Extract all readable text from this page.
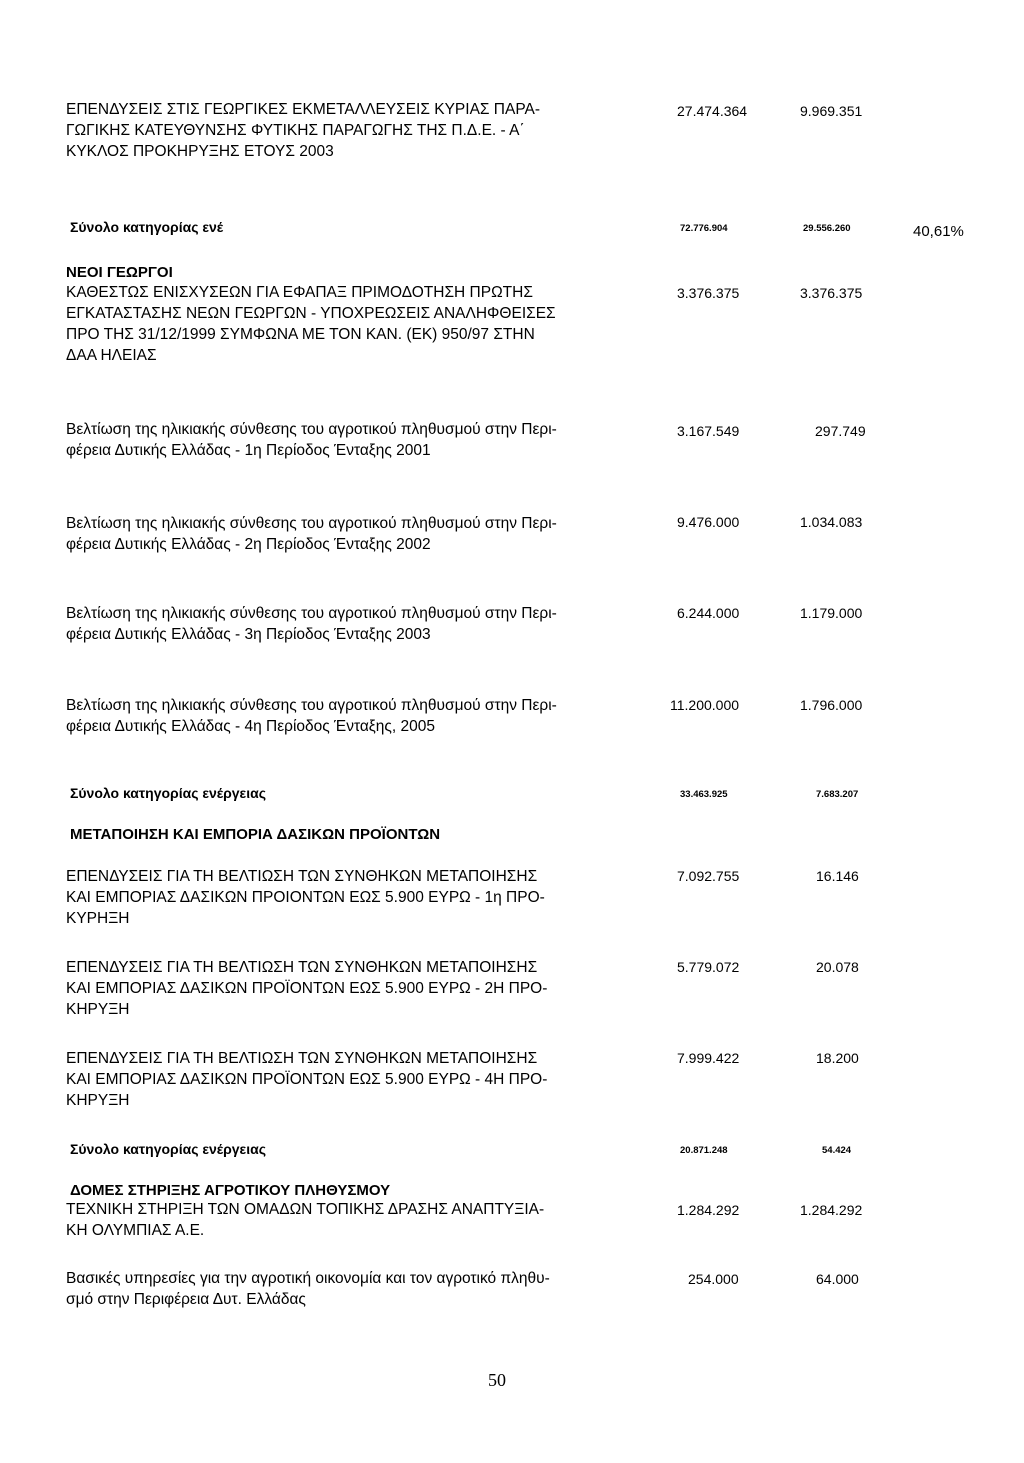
ΕΠΕΝΔΥΣΕΙΣ ΣΤΙΣ ΓΕΩΡΓΙΚΕΣ ΕΚΜΕΤΑΛΛΕΥΣΕΙΣ ΚΥΡΙΑΣ ΠΑΡΑ-
ΓΩΓΙΚΗΣ ΚΑΤΕΥΘΥΝΣΗΣ ΦΥΤΙΚΗΣ ΠΑΡΑΓΩΓΗΣ ΤΗΣ Π.Δ.Ε. - Α΄
ΚΥΚΛΟΣ ΠΡΟΚΗΡΥΞΗΣ ΕΤΟΥΣ 2003
27.474.364	9.969.351
Σύνολο κατηγορίας ενέ	72.776.904	29.556.260	40,61%
ΝΕΟΙ ΓΕΩΡΓΟΙ
ΚΑΘΕΣΤΩΣ ΕΝΙΣΧΥΣΕΩΝ ΓΙΑ ΕΦΑΠΑΞ ΠΡΙΜΟΔΟΤΗΣΗ ΠΡΩΤΗΣ
ΕΓΚΑΤΑΣΤΑΣΗΣ ΝΕΩΝ ΓΕΩΡΓΩΝ - ΥΠΟΧΡΕΩΣΕΙΣ ΑΝΑΛΗΦΘΕΙΣΕΣ
ΠΡΟ ΤΗΣ 31/12/1999 ΣΥΜΦΩΝΑ ΜΕ ΤΟΝ ΚΑΝ. (ΕΚ) 950/97 ΣΤΗΝ
ΔΑΑ ΗΛΕΙΑΣ
3.376.375	3.376.375
Βελτίωση της ηλικιακής σύνθεσης του αγροτικού πληθυσμού στην Περι-
φέρεια Δυτικής Ελλάδας - 1η Περίοδος Ένταξης 2001
3.167.549	297.749
Βελτίωση της ηλικιακής σύνθεσης του αγροτικού πληθυσμού στην Περι-
φέρεια Δυτικής Ελλάδας - 2η Περίοδος Ένταξης 2002
9.476.000	1.034.083
Βελτίωση της ηλικιακής σύνθεσης του αγροτικού πληθυσμού στην Περι-
φέρεια Δυτικής Ελλάδας - 3η Περίοδος Ένταξης 2003
6.244.000	1.179.000
Βελτίωση της ηλικιακής σύνθεσης του αγροτικού πληθυσμού στην Περι-
φέρεια Δυτικής Ελλάδας - 4η Περίοδος Ένταξης, 2005
11.200.000	1.796.000
Σύνολο κατηγορίας ενέργειας	33.463.925	7.683.207
ΜΕΤΑΠΟΙΗΣΗ ΚΑΙ ΕΜΠΟΡΙΑ ΔΑΣΙΚΩΝ ΠΡΟΪΟΝΤΩΝ
ΕΠΕΝΔΥΣΕΙΣ ΓΙΑ ΤΗ ΒΕΛΤΙΩΣΗ ΤΩΝ ΣΥΝΘΗΚΩΝ ΜΕΤΑΠΟΙΗΣΗΣ
ΚΑΙ ΕΜΠΟΡΙΑΣ ΔΑΣΙΚΩΝ ΠΡΟΙΟΝΤΩΝ ΕΩΣ 5.900 ΕΥΡΩ - 1η ΠΡΟ-
ΚΥΡΗΞΗ
7.092.755	16.146
ΕΠΕΝΔΥΣΕΙΣ ΓΙΑ ΤΗ ΒΕΛΤΙΩΣΗ ΤΩΝ ΣΥΝΘΗΚΩΝ ΜΕΤΑΠΟΙΗΣΗΣ
ΚΑΙ ΕΜΠΟΡΙΑΣ ΔΑΣΙΚΩΝ ΠΡΟΪΟΝΤΩΝ ΕΩΣ 5.900 ΕΥΡΩ - 2Η ΠΡΟ-
ΚΗΡΥΞΗ
5.779.072	20.078
ΕΠΕΝΔΥΣΕΙΣ ΓΙΑ ΤΗ ΒΕΛΤΙΩΣΗ ΤΩΝ ΣΥΝΘΗΚΩΝ ΜΕΤΑΠΟΙΗΣΗΣ
ΚΑΙ ΕΜΠΟΡΙΑΣ ΔΑΣΙΚΩΝ ΠΡΟΪΟΝΤΩΝ ΕΩΣ 5.900 ΕΥΡΩ - 4Η ΠΡΟ-
ΚΗΡΥΞΗ
7.999.422	18.200
Σύνολο κατηγορίας ενέργειας	20.871.248	54.424
ΔΟΜΕΣ ΣΤΗΡΙΞΗΣ ΑΓΡΟΤΙΚΟΥ ΠΛΗΘΥΣΜΟΥ
ΤΕΧΝΙΚΗ ΣΤΗΡΙΞΗ ΤΩΝ ΟΜΑΔΩΝ ΤΟΠΙΚΗΣ ΔΡΑΣΗΣ ΑΝΑΠΤΥΞΙΑ-
ΚΗ ΟΛΥΜΠΙΑΣ Α.Ε.
1.284.292	1.284.292
Βασικές υπηρεσίες για την αγροτική οικονομία και τον αγροτικό πληθυ-
σμό στην Περιφέρεια Δυτ. Ελλάδας
254.000	64.000
50
